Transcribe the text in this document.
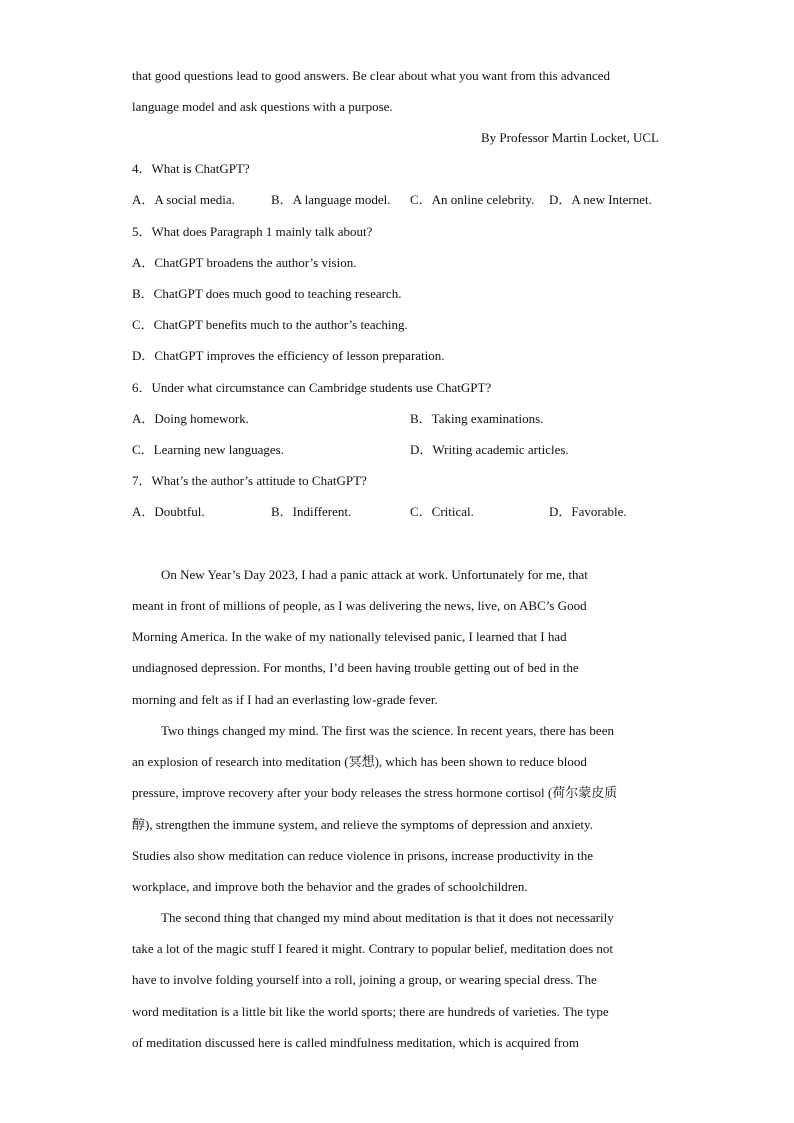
that good questions lead to good answers. Be clear about what you want from this advanced
language model and ask questions with a purpose.
By Professor Martin Locket, UCL
4．What is ChatGPT?
A．A social media.	B．A language model. C．An online celebrity. D．A new Internet.
5．What does Paragraph 1 mainly talk about?
A．ChatGPT broadens the author’s vision.
B．ChatGPT does much good to teaching research.
C．ChatGPT benefits much to the author’s teaching.
D．ChatGPT improves the efficiency of lesson preparation.
6．Under what circumstance can Cambridge students use ChatGPT?
A．Doing homework.	B．Taking examinations.
C．Learning new languages.	D．Writing academic articles.
7．What’s the author’s attitude to ChatGPT?
A．Doubtful.	B．Indifferent.	C．Critical.	D．Favorable.
On New Year’s Day 2023, I had a panic attack at work. Unfortunately for me, that
meant in front of millions of people, as I was delivering the news, live, on ABC’s Good
Morning America. In the wake of my nationally televised panic, I learned that I had
undiagnosed depression. For months, I’d been having trouble getting out of bed in the
morning and felt as if I had an everlasting low-grade fever.
Two things changed my mind. The first was the science. In recent years, there has been
an explosion of research into meditation (冥想), which has been shown to reduce blood
pressure, improve recovery after your body releases the stress hormone cortisol (荷尔蒙皮质
醇), strengthen the immune system, and relieve the symptoms of depression and anxiety.
Studies also show meditation can reduce violence in prisons, increase productivity in the
workplace, and improve both the behavior and the grades of schoolchildren.
The second thing that changed my mind about meditation is that it does not necessarily
take a lot of the magic stuff I feared it might. Contrary to popular belief, meditation does not
have to involve folding yourself into a roll, joining a group, or wearing special dress. The
word meditation is a little bit like the world sports; there are hundreds of varieties. The type
of meditation discussed here is called mindfulness meditation, which is acquired from
